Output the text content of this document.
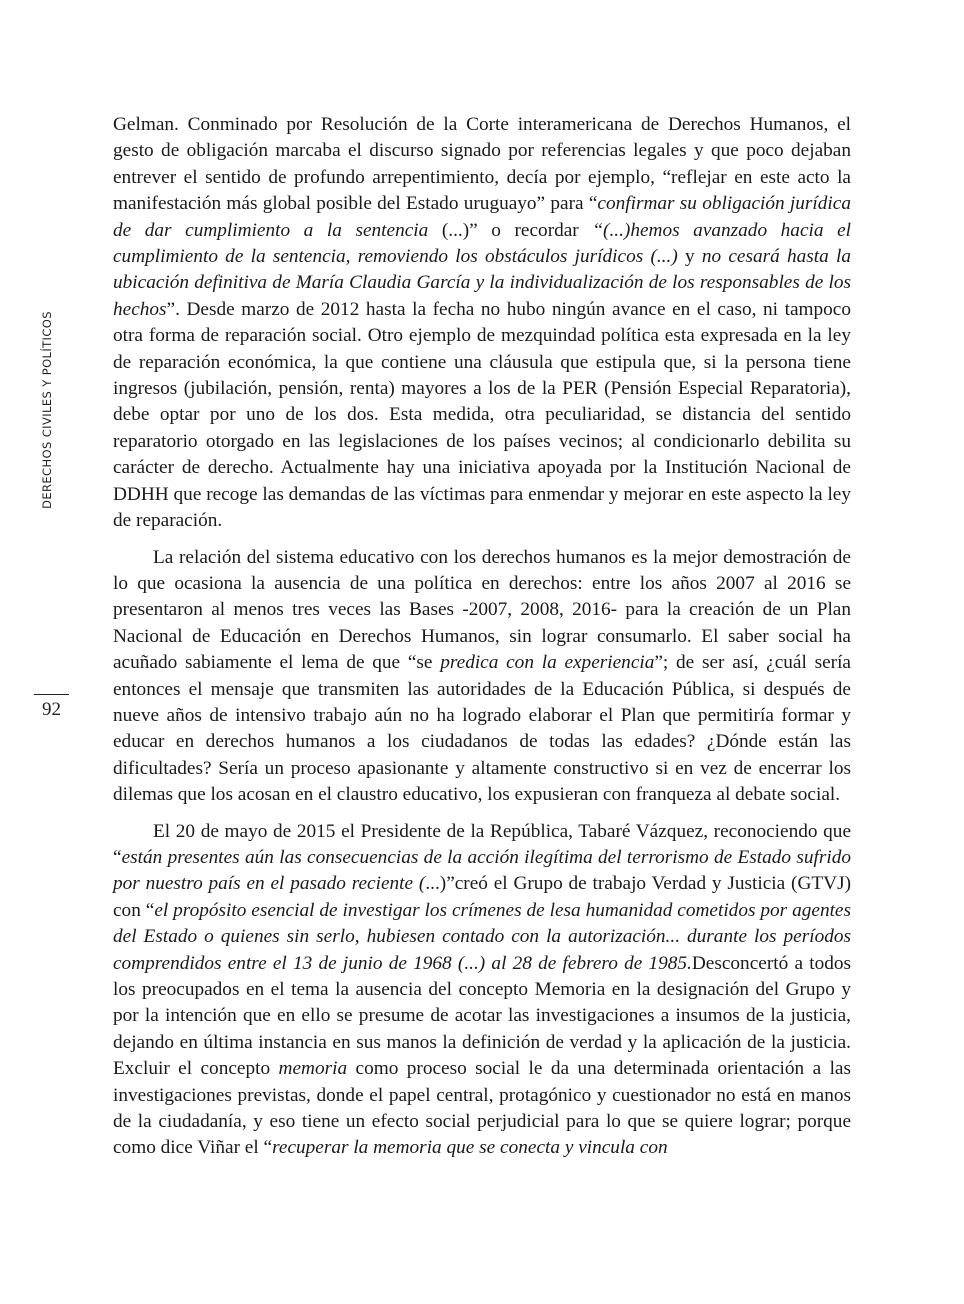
DERECHOS CIVILES Y POLÍTICOS
92

Gelman. Conminado por Resolución de la Corte interamericana de Derechos Humanos, el gesto de obligación marcaba el discurso signado por referencias legales y que poco dejaban entrever el sentido de profundo arrepentimiento, decía por ejemplo, “reflejar en este acto la manifestación más global posible del Estado uruguayo” para “confirmar su obligación jurídica de dar cumplimiento a la sentencia (...)” o recordar “(...)hemos avanzado hacia el cumplimiento de la sentencia, removiendo los obstáculos jurídicos (...) y no cesará hasta la ubicación definitiva de María Claudia García y la individualización de los responsables de los hechos”. Desde marzo de 2012 hasta la fecha no hubo ningún avance en el caso, ni tampoco otra forma de reparación social. Otro ejemplo de mezquindad política esta expresada en la ley de reparación económica, la que contiene una cláusula que estipula que, si la persona tiene ingresos (jubilación, pensión, renta) mayores a los de la PER (Pensión Especial Reparatoria), debe optar por uno de los dos. Esta medida, otra peculiaridad, se distancia del sentido reparatorio otorgado en las legislaciones de los países vecinos; al condicionarlo debilita su carácter de derecho. Actualmente hay una iniciativa apoyada por la Institución Nacional de DDHH que recoge las demandas de las víctimas para enmendar y mejorar en este aspecto la ley de reparación.

La relación del sistema educativo con los derechos humanos es la mejor demostración de lo que ocasiona la ausencia de una política en derechos: entre los años 2007 al 2016 se presentaron al menos tres veces las Bases -2007, 2008, 2016- para la creación de un Plan Nacional de Educación en Derechos Humanos, sin lograr consumarlo. El saber social ha acuñado sabiamente el lema de que “se predica con la experiencia”; de ser así, ¿cuál sería entonces el mensaje que transmiten las autoridades de la Educación Pública, si después de nueve años de intensivo trabajo aún no ha logrado elaborar el Plan que permitiría formar y educar en derechos humanos a los ciudadanos de todas las edades? ¿Dónde están las dificultades? Sería un proceso apasionante y altamente constructivo si en vez de encerrar los dilemas que los acosan en el claustro educativo, los expusieran con franqueza al debate social.

El 20 de mayo de 2015 el Presidente de la República, Tabaré Vázquez, reconociendo que “están presentes aún las consecuencias de la acción ilegítima del terrorismo de Estado sufrido por nuestro país en el pasado reciente (...)”creó el Grupo de trabajo Verdad y Justicia (GTVJ) con “el propósito esencial de investigar los crímenes de lesa humanidad cometidos por agentes del Estado o quienes sin serlo, hubiesen contado con la autorización... durante los períodos comprendidos entre el 13 de junio de 1968 (...) al 28 de febrero de 1985.Desconcertó a todos los preocupados en el tema la ausencia del concepto Memoria en la designación del Grupo y por la intención que en ello se presume de acotar las investigaciones a insumos de la justicia, dejando en última instancia en sus manos la definición de verdad y la aplicación de la justicia. Excluir el concepto memoria como proceso social le da una determinada orientación a las investigaciones previstas, donde el papel central, protagónico y cuestionador no está en manos de la ciudadanía, y eso tiene un efecto social perjudicial para lo que se quiere lograr; porque como dice Viñar el “recuperar la memoria que se conecta y vincula con
